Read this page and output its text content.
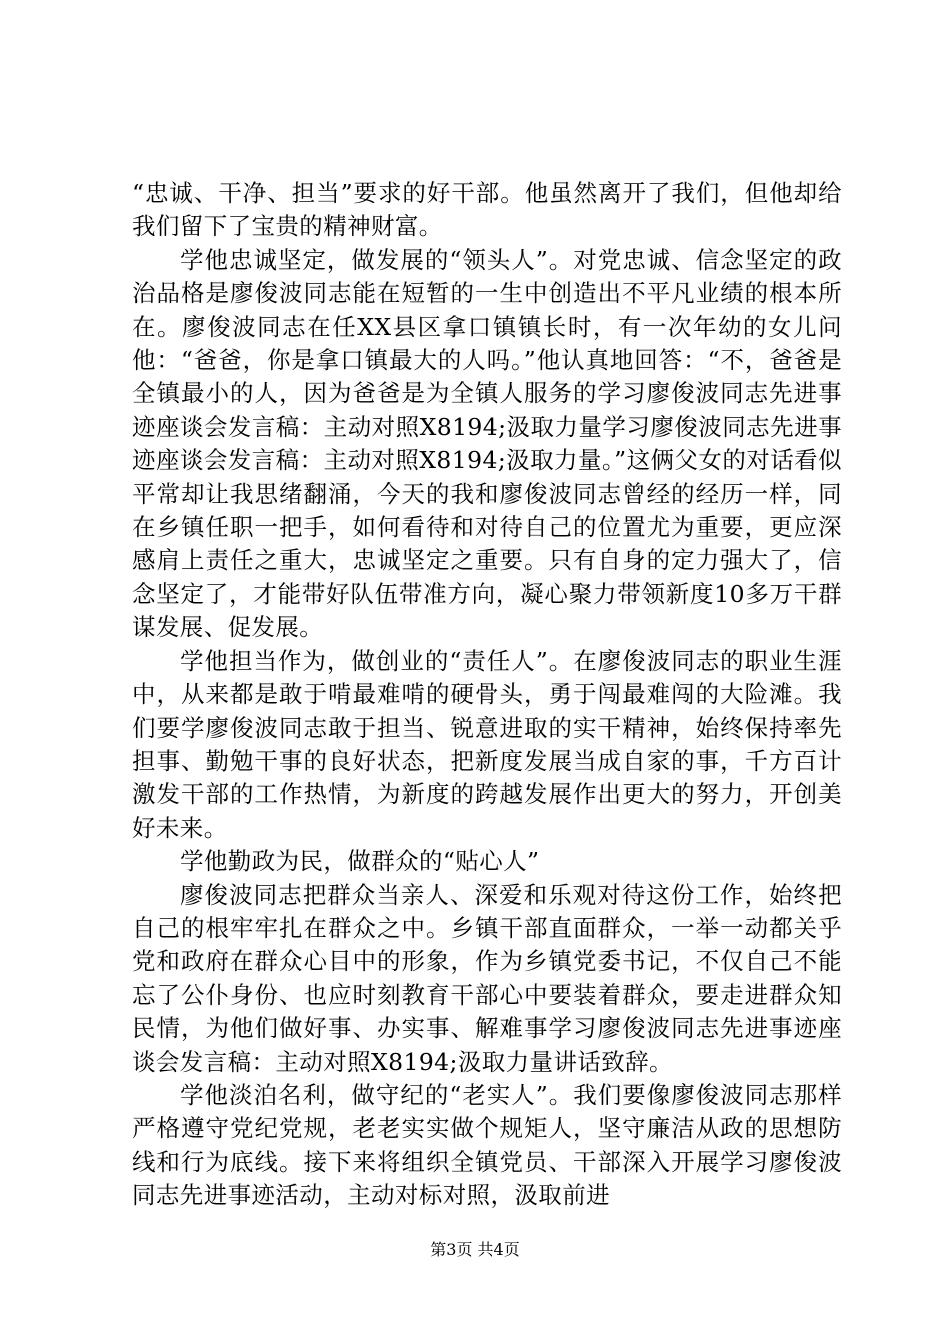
“忠诚、干净、担当”要求的好干部。他虽然离开了我们，但他却给我们留下了宝贵的精神财富。

学他忠诚坚定，做发展的“领头人”。对党忠诚、信念坚定的政治品格是廖俊波同志能在短暂的一生中创造出不平凡业绩的根本所在。廖俊波同志在任XX县区拿口镇镇长时，有一次年幼的女儿问他：“爸爸，你是拿口镇最大的人吗。”他认真地回答：“不，爸爸是全镇最小的人，因为爸爸是为全镇人服务的学习廖俊波同志先进事迹座谈会发言稿：主动对照X8194;汲取力量学习廖俊波同志先进事迹座谈会发言稿：主动对照X8194;汲取力量。”这俩父女的对话看似平常却让我思绪翻涌，今天的我和廖俊波同志曾经的经历一样，同在乡镇任职一把手，如何看待和对待自己的位置尤为重要，更应深感肩上责任之重大，忠诚坚定之重要。只有自身的定力强大了，信念坚定了，才能带好队伍带准方向，凝心聚力带领新度10多万干群谋发展、促发展。

学他担当作为，做创业的“责任人”。在廖俊波同志的职业生涯中，从来都是敢于啃最难啃的硬骨头，勇于闯最难闯的大险滩。我们要学廖俊波同志敢于担当、锐意进取的实干精神，始终保持率先担事、勤勉干事的良好状态，把新度发展当成自家的事，千方百计激发干部的工作热情，为新度的跨越发展作出更大的努力，开创美好未来。

学他勤政为民，做群众的“贴心人”

廖俊波同志把群众当亲人、深爱和乐观对待这份工作，始终把自己的根牢牢扎在群众之中。乡镇干部直面群众，一举一动都关乎党和政府在群众心目中的形象，作为乡镇党委书记，不仅自己不能忘了公仆身份、也应时刻教育干部心中要装着群众，要走进群众知民情，为他们做好事、办实事、解难事学习廖俊波同志先进事迹座谈会发言稿：主动对照X8194;汲取力量讲话致辞。

学他淡泊名利，做守纪的“老实人”。我们要像廖俊波同志那样严格遵守党纪党规，老老实实做个规矩人，坚守廉洁从政的思想防线和行为底线。接下来将组织全镇党员、干部深入开展学习廖俊波同志先进事迹活动，主动对标对照，汲取前进

第3页 共4页
